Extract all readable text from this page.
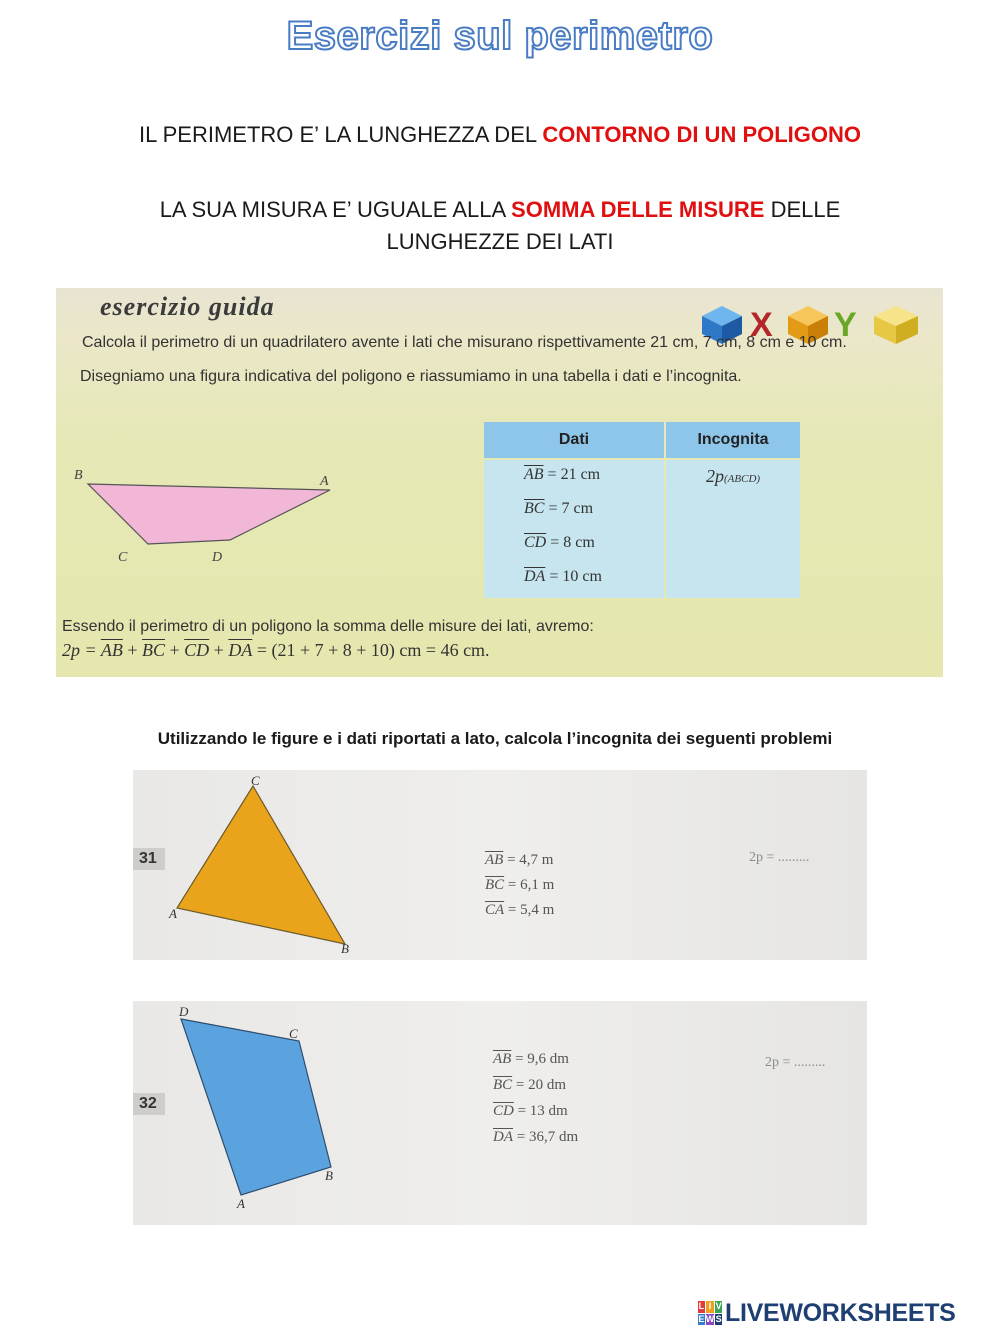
Esercizi sul perimetro
IL PERIMETRO E’ LA LUNGHEZZA DEL CONTORNO DI UN POLIGONO
LA SUA MISURA E’ UGUALE ALLA SOMMA DELLE MISURE DELLE LUNGHEZZE DEI LATI
esercizio guida	X Y
Calcola il perimetro di un quadrilatero avente i lati che misurano rispettivamente 21 cm, 7 cm, 8 cm e 10 cm.
Disegniamo una figura indicativa del poligono e riassumiamo in una tabella i dati e l’incognita.
B	A
C	D
Dati	Incognita
$\overline{AB} = 21$ cm
$\overline{BC} = 7$ cm
$\overline{CD} = 8$ cm
$\overline{DA} = 10$ cm
2p(ABCD)
Essendo il perimetro di un poligono la somma delle misure dei lati, avremo:
$2p = \overline{AB} + \overline{BC} + \overline{CD} + \overline{DA} = (21 + 7 + 8 + 10)$ cm = 46 cm.
Utilizzando le figure e i dati riportati a lato, calcola l’incognita dei seguenti problemi
31
C
A
B
$\overline{AB} = 4,7$ m
$\overline{BC} = 6,1$ m
$\overline{CA} = 5,4$ m
2p = .........
32
D
C
B
A
$\overline{AB} = 9,6$ dm
$\overline{BC} = 20$ dm
$\overline{CD} = 13$ dm
$\overline{DA} = 36,7$ dm
2p = .........
L I V
E W S LIVEWORKSHEETS
